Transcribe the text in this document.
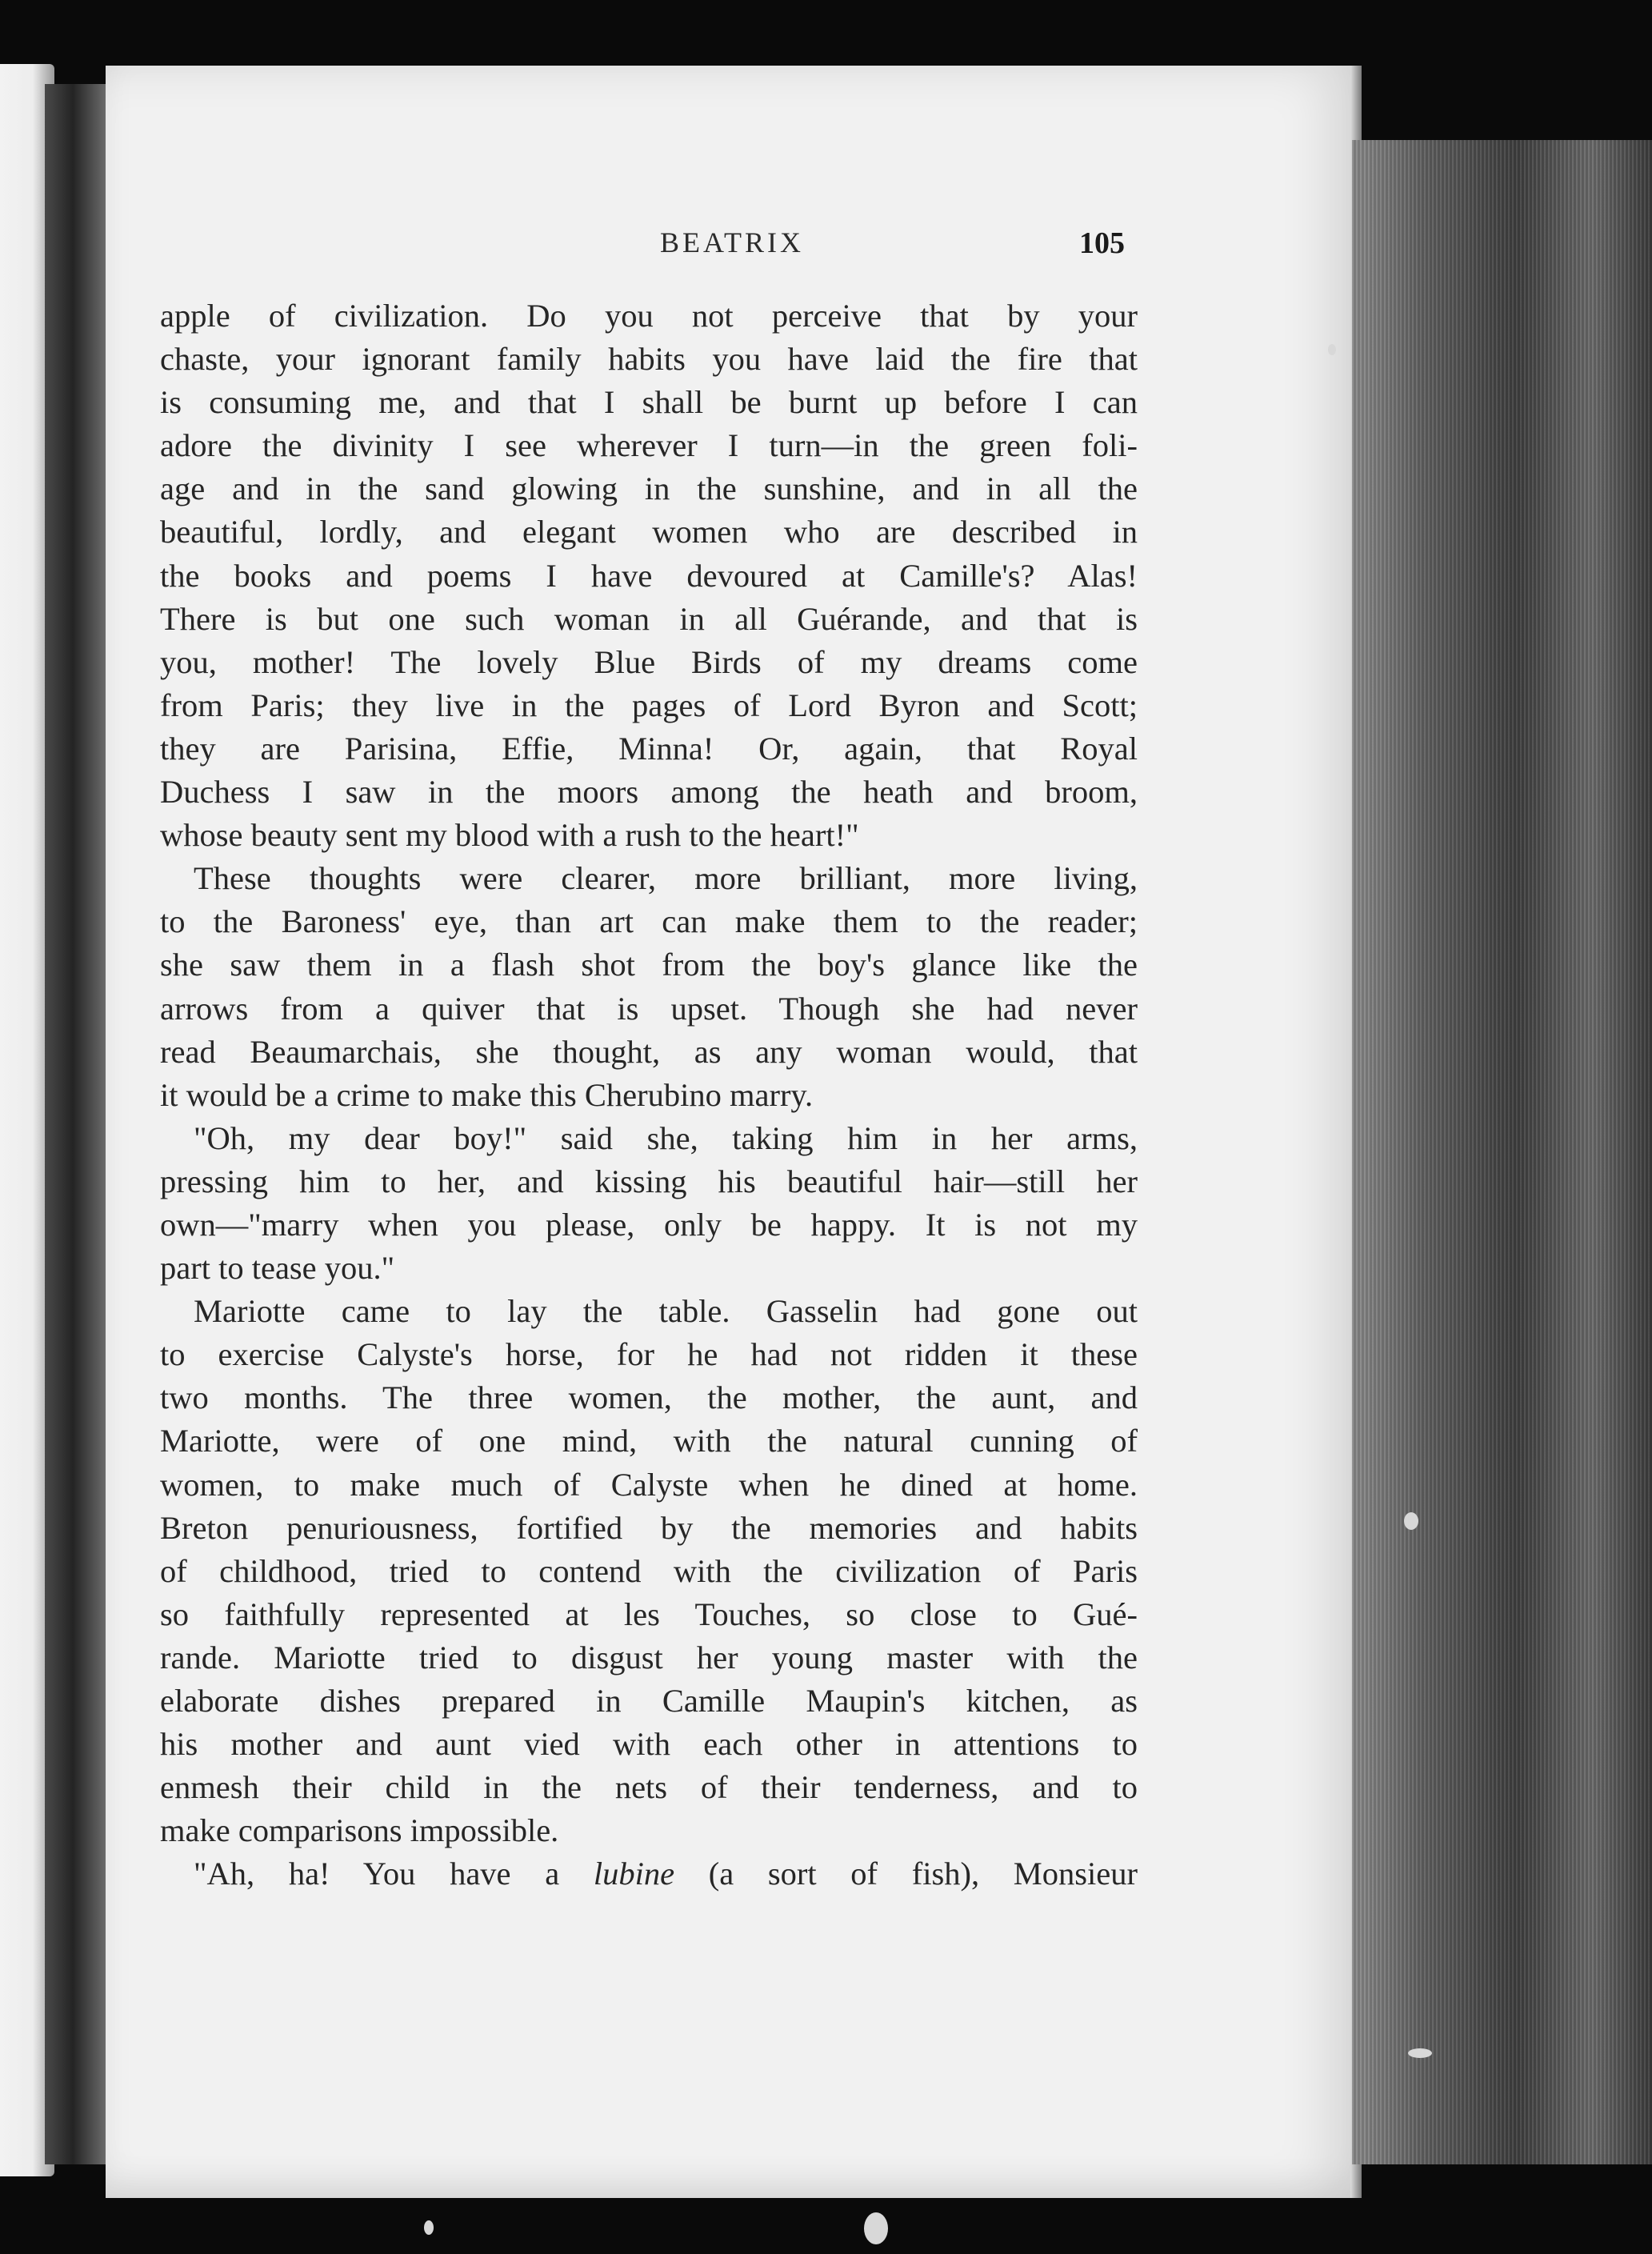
BEATRIX	105
apple of civilization. Do you not perceive that by your
chaste, your ignorant family habits you have laid the fire that
is consuming me, and that I shall be burnt up before I can
adore the divinity I see wherever I turn—in the green foli-
age and in the sand glowing in the sunshine, and in all the
beautiful, lordly, and elegant women who are described in
the books and poems I have devoured at Camille's? Alas!
There is but one such woman in all Guérande, and that is
you, mother! The lovely Blue Birds of my dreams come
from Paris; they live in the pages of Lord Byron and Scott;
they are Parisina, Effie, Minna! Or, again, that Royal
Duchess I saw in the moors among the heath and broom,
whose beauty sent my blood with a rush to the heart!"
These thoughts were clearer, more brilliant, more living,
to the Baroness' eye, than art can make them to the reader;
she saw them in a flash shot from the boy's glance like the
arrows from a quiver that is upset. Though she had never
read Beaumarchais, she thought, as any woman would, that
it would be a crime to make this Cherubino marry.
"Oh, my dear boy!" said she, taking him in her arms,
pressing him to her, and kissing his beautiful hair—still her
own—"marry when you please, only be happy. It is not my
part to tease you."
Mariotte came to lay the table. Gasselin had gone out
to exercise Calyste's horse, for he had not ridden it these
two months. The three women, the mother, the aunt, and
Mariotte, were of one mind, with the natural cunning of
women, to make much of Calyste when he dined at home.
Breton penuriousness, fortified by the memories and habits
of childhood, tried to contend with the civilization of Paris
so faithfully represented at les Touches, so close to Gué-
rande. Mariotte tried to disgust her young master with the
elaborate dishes prepared in Camille Maupin's kitchen, as
his mother and aunt vied with each other in attentions to
enmesh their child in the nets of their tenderness, and to
make comparisons impossible.
"Ah, ha! You have a lubine (a sort of fish), Monsieur
